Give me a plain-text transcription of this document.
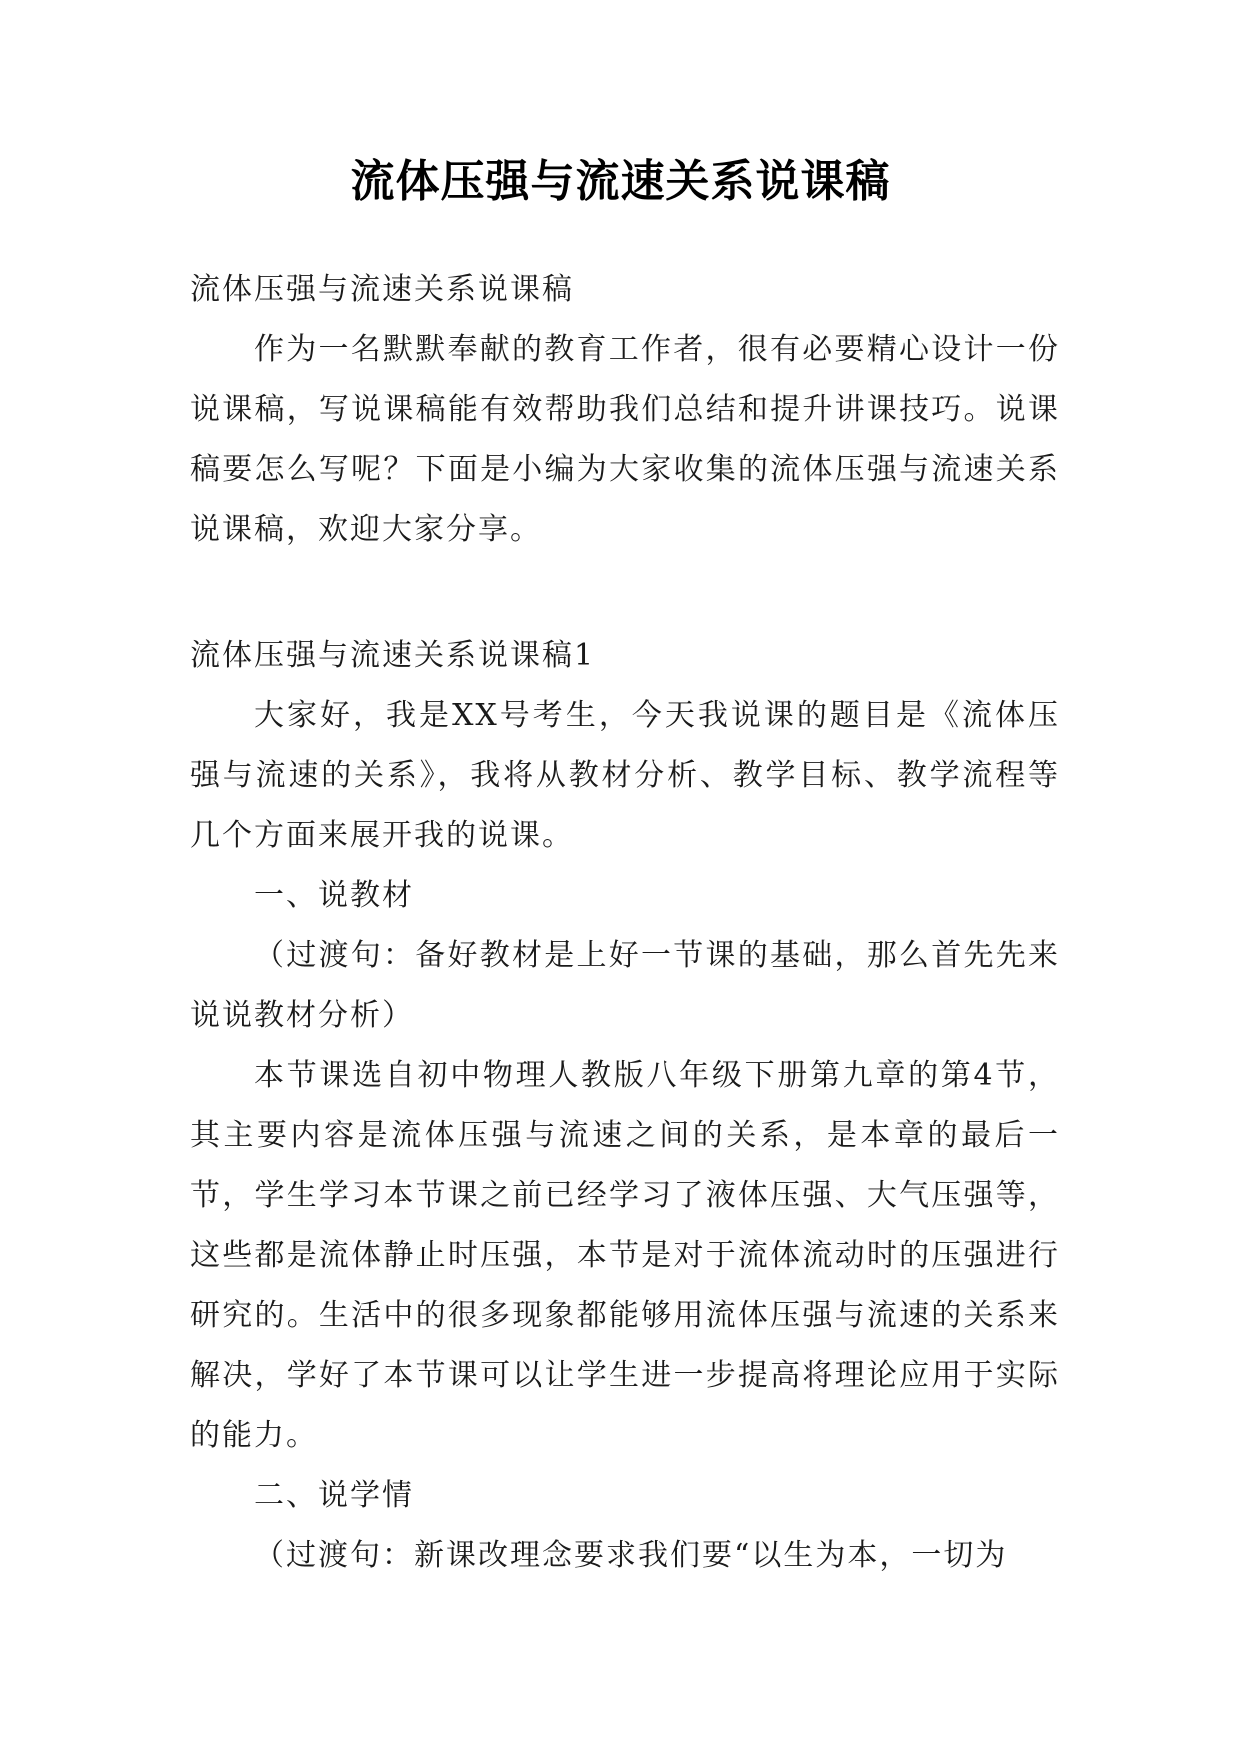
流体压强与流速关系说课稿

流体压强与流速关系说课稿

作为一名默默奉献的教育工作者，很有必要精心设计一份说课稿，写说课稿能有效帮助我们总结和提升讲课技巧。说课稿要怎么写呢？下面是小编为大家收集的流体压强与流速关系说课稿，欢迎大家分享。

流体压强与流速关系说课稿1

大家好，我是XX号考生，今天我说课的题目是《流体压强与流速的关系》，我将从教材分析、教学目标、教学流程等几个方面来展开我的说课。

一、说教材

（过渡句：备好教材是上好一节课的基础，那么首先先来说说教材分析）

本节课选自初中物理人教版八年级下册第九章的第4节，其主要内容是流体压强与流速之间的关系，是本章的最后一节，学生学习本节课之前已经学习了液体压强、大气压强等，这些都是流体静止时压强，本节是对于流体流动时的压强进行研究的。生活中的很多现象都能够用流体压强与流速的关系来解决，学好了本节课可以让学生进一步提高将理论应用于实际的能力。

二、说学情

（过渡句：新课改理念要求我们要“以生为本，一切为
